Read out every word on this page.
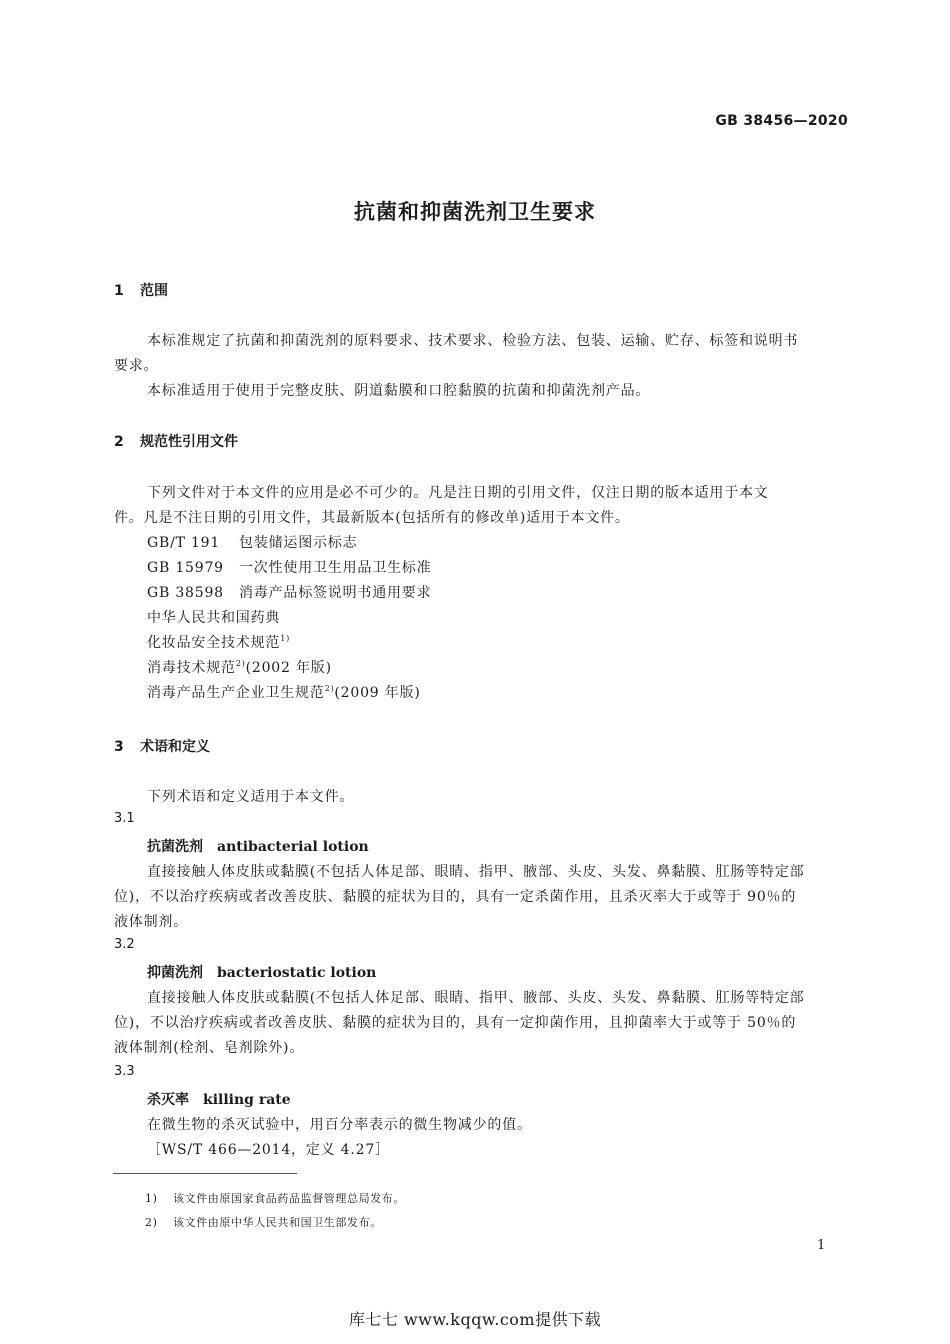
GB 38456—2020
抗菌和抑菌洗剂卫生要求
1 范围
本标准规定了抗菌和抑菌洗剂的原料要求、技术要求、检验方法、包装、运输、贮存、标签和说明书
要求。
本标准适用于使用于完整皮肤、阴道黏膜和口腔黏膜的抗菌和抑菌洗剂产品。
2 规范性引用文件
下列文件对于本文件的应用是必不可少的。凡是注日期的引用文件，仅注日期的版本适用于本文
件。凡是不注日期的引用文件，其最新版本(包括所有的修改单)适用于本文件。
GB/T 191 包装储运图示标志
GB 15979 一次性使用卫生用品卫生标准
GB 38598 消毒产品标签说明书通用要求
中华人民共和国药典
化妆品安全技术规范$^{1)}$
消毒技术规范$^{2)}$(2002 年版)
消毒产品生产企业卫生规范$^{2)}$(2009 年版)
3 术语和定义
下列术语和定义适用于本文件。
3.1
抗菌洗剂 antibacterial lotion
直接接触人体皮肤或黏膜(不包括人体足部、眼睛、指甲、腋部、头皮、头发、鼻黏膜、肛肠等特定部
位)，不以治疗疾病或者改善皮肤、黏膜的症状为目的，具有一定杀菌作用，且杀灭率大于或等于 90％的
液体制剂。
3.2
抑菌洗剂 bacteriostatic lotion
直接接触人体皮肤或黏膜(不包括人体足部、眼睛、指甲、腋部、头皮、头发、鼻黏膜、肛肠等特定部
位)，不以治疗疾病或者改善皮肤、黏膜的症状为目的，具有一定抑菌作用，且抑菌率大于或等于 50％的
液体制剂(栓剂、皂剂除外)。
3.3
杀灭率 killing rate
在微生物的杀灭试验中，用百分率表示的微生物减少的值。
［WS/T 466—2014，定义 4.27］
1) 该文件由原国家食品药品监督管理总局发布。
2) 该文件由原中华人民共和国卫生部发布。
1
库七七 www.kqqw.com提供下载
